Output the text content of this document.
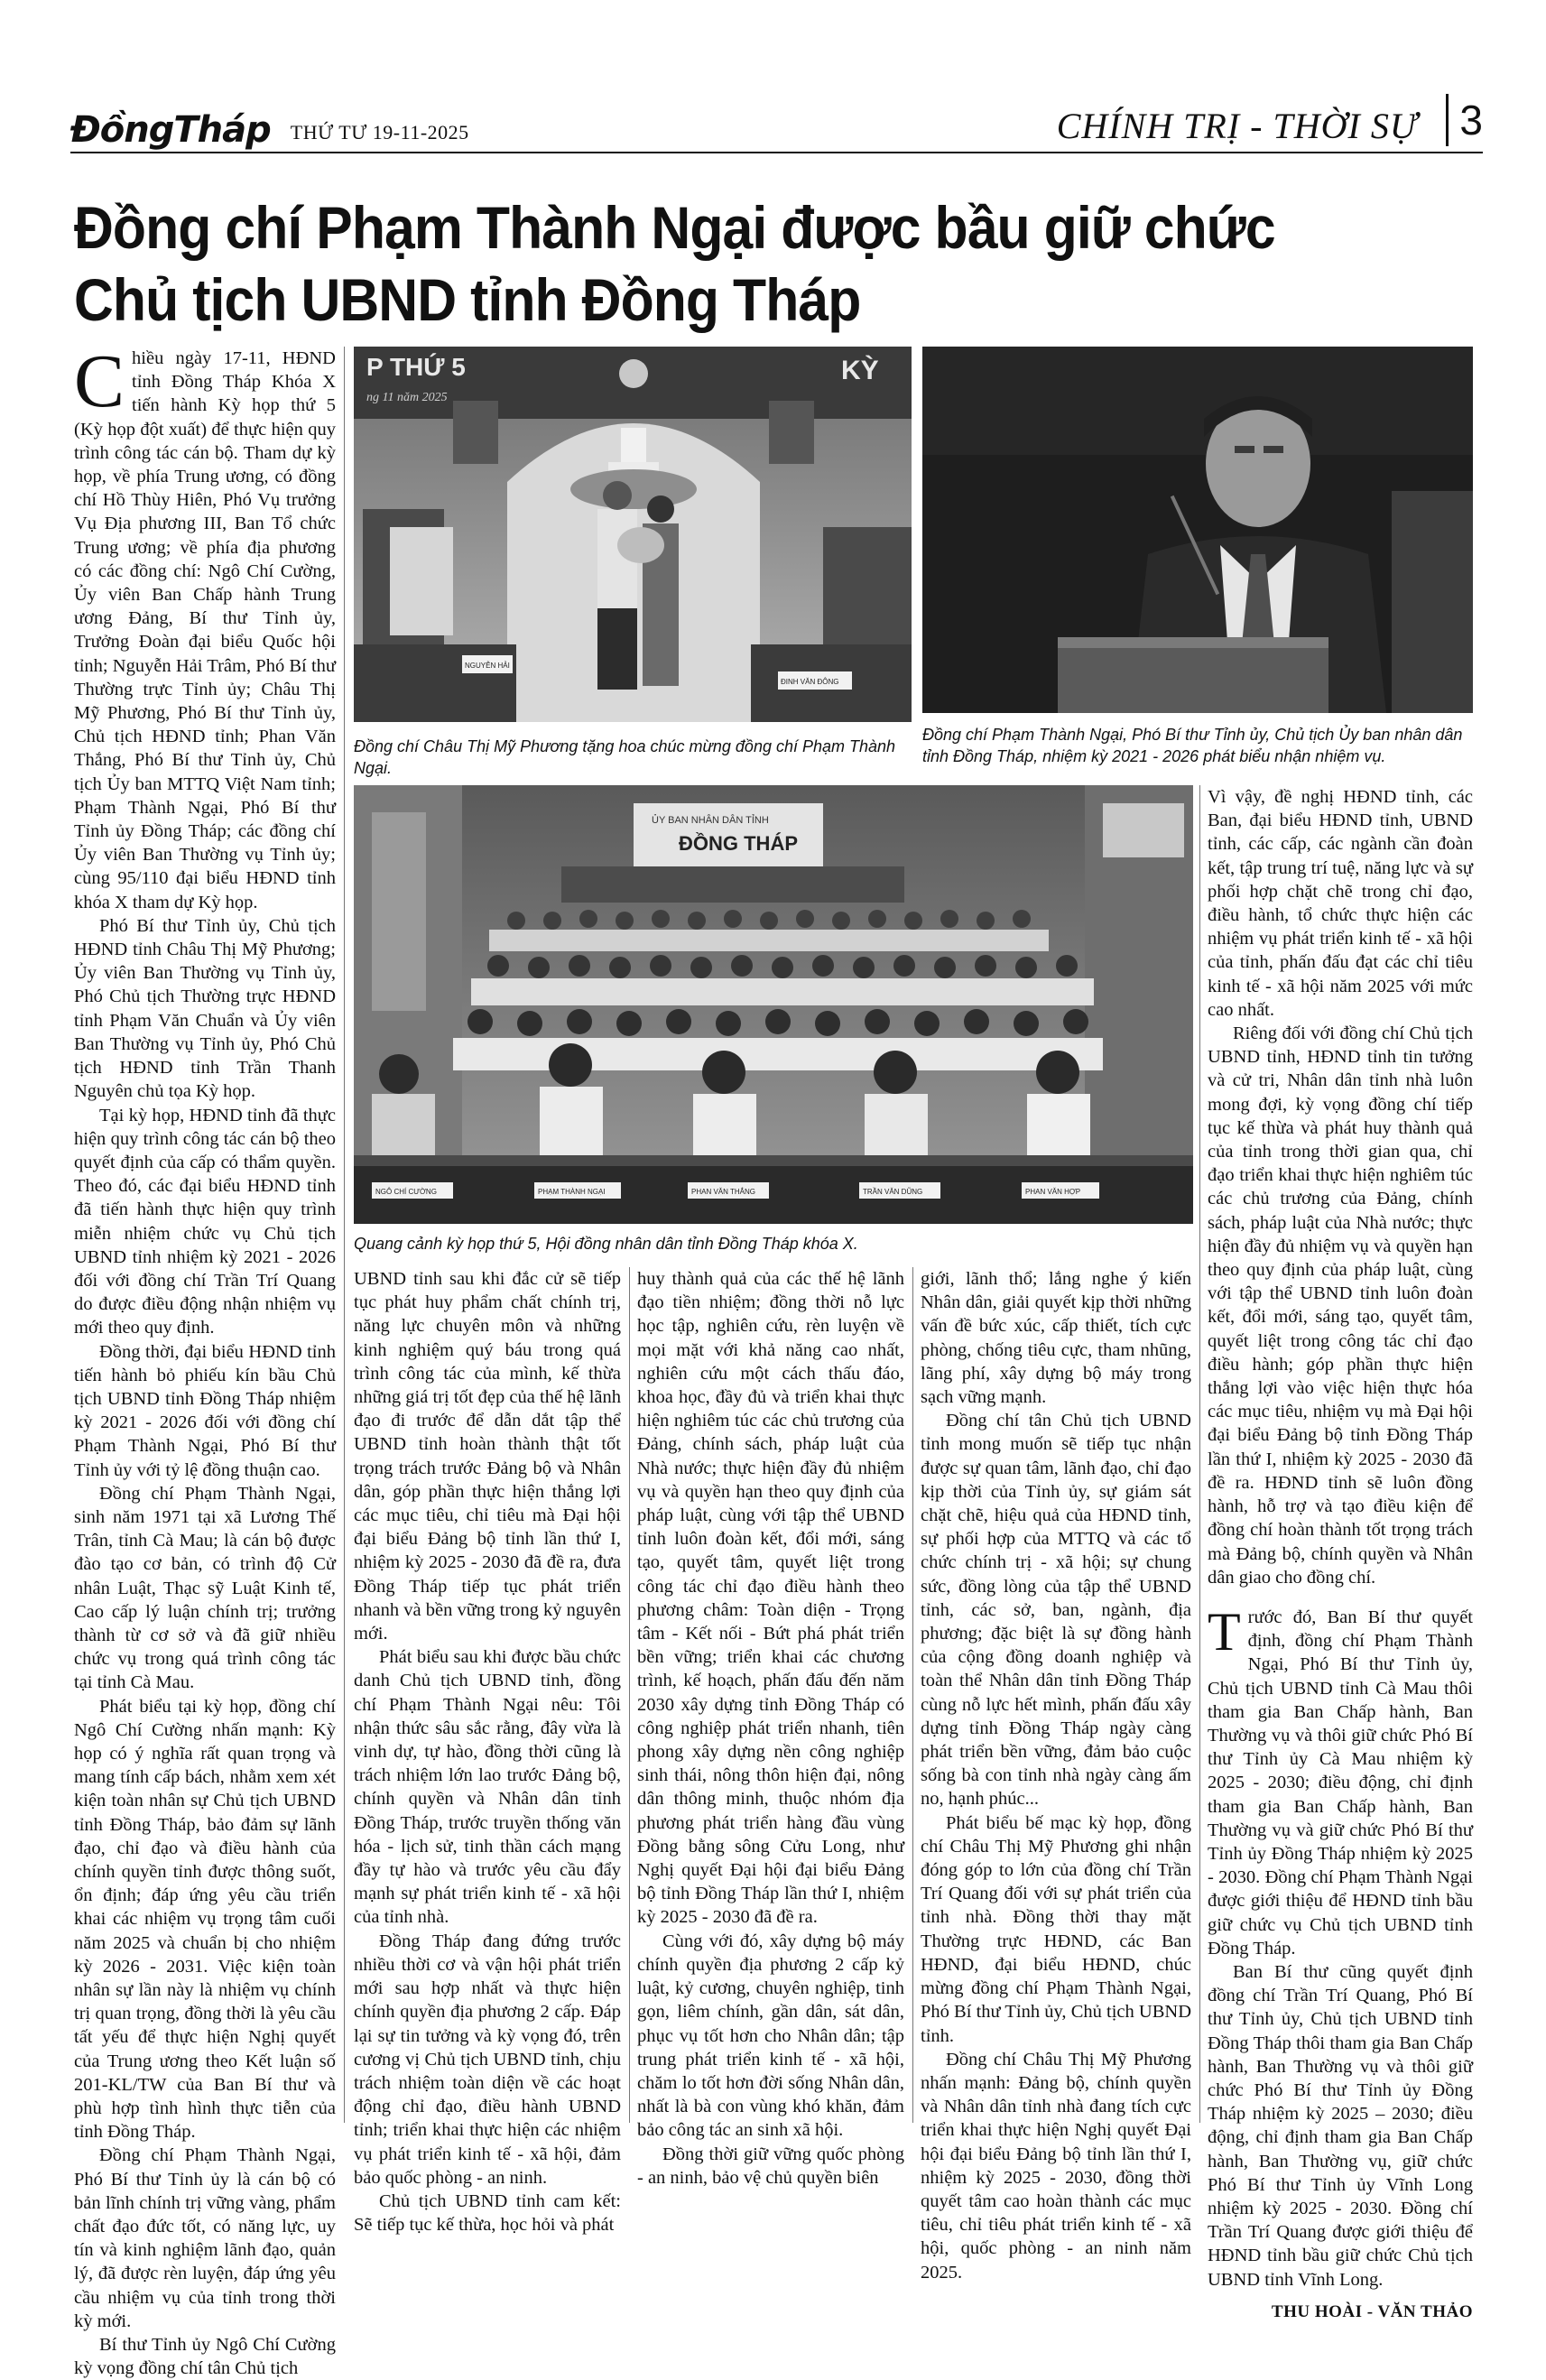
ĐồngTháp THỨ TƯ 19-11-2025	CHÍNH TRỊ - THỜI SỰ	3
Đồng chí Phạm Thành Ngại được bầu giữ chức
Chủ tịch UBND tỉnh Đồng Tháp
P THỨ 5
ng 11 năm 2025
KỲ
NGUYỄN HẢI
ĐINH VĂN ĐÔNG
Đồng chí Châu Thị Mỹ Phương tặng hoa chúc mừng đồng chí Phạm Thành Ngại.
Đồng chí Phạm Thành Ngại, Phó Bí thư Tỉnh ủy, Chủ tịch Ủy ban nhân dân tỉnh Đồng Tháp, nhiệm kỳ 2021 - 2026 phát biểu nhận nhiệm vụ.
ỦY BAN NHÂN DÂN TỈNH
ĐỒNG THÁP
NGÔ CHÍ CƯỜNG	PHẠM THÀNH NGẠI	PHAN VĂN THẮNG	TRẦN VĂN DŨNG	PHAN VĂN HỢP
Quang cảnh kỳ họp thứ 5, Hội đồng nhân dân tỉnh Đồng Tháp khóa X.

Chiều ngày 17-11, HĐND tỉnh Đồng Tháp Khóa X tiến hành Kỳ họp thứ 5 (Kỳ họp đột xuất) để thực hiện quy trình công tác cán bộ. Tham dự kỳ họp, về phía Trung ương, có đồng chí Hồ Thùy Hiên, Phó Vụ trưởng Vụ Địa phương III, Ban Tổ chức Trung ương; về phía địa phương có các đồng chí: Ngô Chí Cường, Ủy viên Ban Chấp hành Trung ương Đảng, Bí thư Tỉnh ủy, Trưởng Đoàn đại biểu Quốc hội tỉnh; Nguyễn Hải Trâm, Phó Bí thư Thường trực Tỉnh ủy; Châu Thị Mỹ Phương, Phó Bí thư Tỉnh ủy, Chủ tịch HĐND tỉnh; Phan Văn Thắng, Phó Bí thư Tỉnh ủy, Chủ tịch Ủy ban MTTQ Việt Nam tỉnh; Phạm Thành Ngại, Phó Bí thư Tỉnh ủy Đồng Tháp; các đồng chí Ủy viên Ban Thường vụ Tỉnh ủy; cùng 95/110 đại biểu HĐND tỉnh khóa X tham dự Kỳ họp.

Phó Bí thư Tỉnh ủy, Chủ tịch HĐND tỉnh Châu Thị Mỹ Phương; Ủy viên Ban Thường vụ Tỉnh ủy, Phó Chủ tịch Thường trực HĐND tỉnh Phạm Văn Chuẩn và Ủy viên Ban Thường vụ Tỉnh ủy, Phó Chủ tịch HĐND tỉnh Trần Thanh Nguyên chủ tọa Kỳ họp.

Tại kỳ họp, HĐND tỉnh đã thực hiện quy trình công tác cán bộ theo quyết định của cấp có thẩm quyền. Theo đó, các đại biểu HĐND tỉnh đã tiến hành thực hiện quy trình miễn nhiệm chức vụ Chủ tịch UBND tỉnh nhiệm kỳ 2021 - 2026 đối với đồng chí Trần Trí Quang do được điều động nhận nhiệm vụ mới theo quy định.

Đồng thời, đại biểu HĐND tỉnh tiến hành bỏ phiếu kín bầu Chủ tịch UBND tỉnh Đồng Tháp nhiệm kỳ 2021 - 2026 đối với đồng chí Phạm Thành Ngại, Phó Bí thư Tỉnh ủy với tỷ lệ đồng thuận cao.

Đồng chí Phạm Thành Ngại, sinh năm 1971 tại xã Lương Thế Trân, tỉnh Cà Mau; là cán bộ được đào tạo cơ bản, có trình độ Cử nhân Luật, Thạc sỹ Luật Kinh tế, Cao cấp lý luận chính trị; trưởng thành từ cơ sở và đã giữ nhiều chức vụ trong quá trình công tác tại tỉnh Cà Mau.

Phát biểu tại kỳ họp, đồng chí Ngô Chí Cường nhấn mạnh: Kỳ họp có ý nghĩa rất quan trọng và mang tính cấp bách, nhằm xem xét kiện toàn nhân sự Chủ tịch UBND tỉnh Đồng Tháp, bảo đảm sự lãnh đạo, chỉ đạo và điều hành của chính quyền tỉnh được thông suốt, ổn định; đáp ứng yêu cầu triển khai các nhiệm vụ trọng tâm cuối năm 2025 và chuẩn bị cho nhiệm kỳ 2026 - 2031. Việc kiện toàn nhân sự lần này là nhiệm vụ chính trị quan trọng, đồng thời là yêu cầu tất yếu để thực hiện Nghị quyết của Trung ương theo Kết luận số 201-KL/TW của Ban Bí thư và phù hợp tình hình thực tiễn của tỉnh Đồng Tháp.

Đồng chí Phạm Thành Ngại, Phó Bí thư Tỉnh ủy là cán bộ có bản lĩnh chính trị vững vàng, phẩm chất đạo đức tốt, có năng lực, uy tín và kinh nghiệm lãnh đạo, quản lý, đã được rèn luyện, đáp ứng yêu cầu nhiệm vụ của tỉnh trong thời kỳ mới.

Bí thư Tỉnh ủy Ngô Chí Cường kỳ vọng đồng chí tân Chủ tịch

UBND tỉnh sau khi đắc cử sẽ tiếp tục phát huy phẩm chất chính trị, năng lực chuyên môn và những kinh nghiệm quý báu trong quá trình công tác của mình, kế thừa những giá trị tốt đẹp của thế hệ lãnh đạo đi trước để dẫn dắt tập thể UBND tỉnh hoàn thành thật tốt trọng trách trước Đảng bộ và Nhân dân, góp phần thực hiện thắng lợi các mục tiêu, chỉ tiêu mà Đại hội đại biểu Đảng bộ tỉnh lần thứ I, nhiệm kỳ 2025 - 2030 đã đề ra, đưa Đồng Tháp tiếp tục phát triển nhanh và bền vững trong kỷ nguyên mới.

Phát biểu sau khi được bầu chức danh Chủ tịch UBND tỉnh, đồng chí Phạm Thành Ngại nêu: Tôi nhận thức sâu sắc rằng, đây vừa là vinh dự, tự hào, đồng thời cũng là trách nhiệm lớn lao trước Đảng bộ, chính quyền và Nhân dân tỉnh Đồng Tháp, trước truyền thống văn hóa - lịch sử, tinh thần cách mạng đầy tự hào và trước yêu cầu đẩy mạnh sự phát triển kinh tế - xã hội của tỉnh nhà.

Đồng Tháp đang đứng trước nhiều thời cơ và vận hội phát triển mới sau hợp nhất và thực hiện chính quyền địa phương 2 cấp. Đáp lại sự tin tưởng và kỳ vọng đó, trên cương vị Chủ tịch UBND tỉnh, chịu trách nhiệm toàn diện về các hoạt động chỉ đạo, điều hành UBND tỉnh; triển khai thực hiện các nhiệm vụ phát triển kinh tế - xã hội, đảm bảo quốc phòng - an ninh.

Chủ tịch UBND tỉnh cam kết: Sẽ tiếp tục kế thừa, học hỏi và phát

huy thành quả của các thế hệ lãnh đạo tiền nhiệm; đồng thời nỗ lực học tập, nghiên cứu, rèn luyện về mọi mặt với khả năng cao nhất, nghiên cứu một cách thấu đáo, khoa học, đầy đủ và triển khai thực hiện nghiêm túc các chủ trương của Đảng, chính sách, pháp luật của Nhà nước; thực hiện đầy đủ nhiệm vụ và quyền hạn theo quy định của pháp luật, cùng với tập thể UBND tỉnh luôn đoàn kết, đổi mới, sáng tạo, quyết tâm, quyết liệt trong công tác chỉ đạo điều hành theo phương châm: Toàn diện - Trọng tâm - Kết nối - Bứt phá phát triển bền vững; triển khai các chương trình, kế hoạch, phấn đấu đến năm 2030 xây dựng tỉnh Đồng Tháp có công nghiệp phát triển nhanh, tiên phong xây dựng nền công nghiệp sinh thái, nông thôn hiện đại, nông dân thông minh, thuộc nhóm địa phương phát triển hàng đầu vùng Đồng bằng sông Cửu Long, như Nghị quyết Đại hội đại biểu Đảng bộ tỉnh Đồng Tháp lần thứ I, nhiệm kỳ 2025 - 2030 đã đề ra.

Cùng với đó, xây dựng bộ máy chính quyền địa phương 2 cấp kỷ luật, kỷ cương, chuyên nghiệp, tinh gọn, liêm chính, gần dân, sát dân, phục vụ tốt hơn cho Nhân dân; tập trung phát triển kinh tế - xã hội, chăm lo tốt hơn đời sống Nhân dân, nhất là bà con vùng khó khăn, đảm bảo công tác an sinh xã hội.

Đồng thời giữ vững quốc phòng - an ninh, bảo vệ chủ quyền biên

giới, lãnh thổ; lắng nghe ý kiến Nhân dân, giải quyết kịp thời những vấn đề bức xúc, cấp thiết, tích cực phòng, chống tiêu cực, tham nhũng, lãng phí, xây dựng bộ máy trong sạch vững mạnh.

Đồng chí tân Chủ tịch UBND tỉnh mong muốn sẽ tiếp tục nhận được sự quan tâm, lãnh đạo, chỉ đạo kịp thời của Tỉnh ủy, sự giám sát chặt chẽ, hiệu quả của HĐND tỉnh, sự phối hợp của MTTQ và các tổ chức chính trị - xã hội; sự chung sức, đồng lòng của tập thể UBND tỉnh, các sở, ban, ngành, địa phương; đặc biệt là sự đồng hành của cộng đồng doanh nghiệp và toàn thể Nhân dân tỉnh Đồng Tháp cùng nỗ lực hết mình, phấn đấu xây dựng tỉnh Đồng Tháp ngày càng phát triển bền vững, đảm bảo cuộc sống bà con tỉnh nhà ngày càng ấm no, hạnh phúc...

Phát biểu bế mạc kỳ họp, đồng chí Châu Thị Mỹ Phương ghi nhận đóng góp to lớn của đồng chí Trần Trí Quang đối với sự phát triển của tỉnh nhà. Đồng thời thay mặt Thường trực HĐND, các Ban HĐND, đại biểu HĐND, chúc mừng đồng chí Phạm Thành Ngại, Phó Bí thư Tỉnh ủy, Chủ tịch UBND tỉnh.

Đồng chí Châu Thị Mỹ Phương nhấn mạnh: Đảng bộ, chính quyền và Nhân dân tỉnh nhà đang tích cực triển khai thực hiện Nghị quyết Đại hội đại biểu Đảng bộ tỉnh lần thứ I, nhiệm kỳ 2025 - 2030, đồng thời quyết tâm cao hoàn thành các mục tiêu, chỉ tiêu phát triển kinh tế - xã hội, quốc phòng - an ninh năm 2025.

Vì vậy, đề nghị HĐND tỉnh, các Ban, đại biểu HĐND tỉnh, UBND tỉnh, các cấp, các ngành cần đoàn kết, tập trung trí tuệ, năng lực và sự phối hợp chặt chẽ trong chỉ đạo, điều hành, tổ chức thực hiện các nhiệm vụ phát triển kinh tế - xã hội của tỉnh, phấn đấu đạt các chỉ tiêu kinh tế - xã hội năm 2025 với mức cao nhất.

Riêng đối với đồng chí Chủ tịch UBND tỉnh, HĐND tỉnh tin tưởng và cử tri, Nhân dân tỉnh nhà luôn mong đợi, kỳ vọng đồng chí tiếp tục kế thừa và phát huy thành quả của tỉnh trong thời gian qua, chỉ đạo triển khai thực hiện nghiêm túc các chủ trương của Đảng, chính sách, pháp luật của Nhà nước; thực hiện đầy đủ nhiệm vụ và quyền hạn theo quy định của pháp luật, cùng với tập thể UBND tỉnh luôn đoàn kết, đổi mới, sáng tạo, quyết tâm, quyết liệt trong công tác chỉ đạo điều hành; góp phần thực hiện thắng lợi vào việc hiện thực hóa các mục tiêu, nhiệm vụ mà Đại hội đại biểu Đảng bộ tỉnh Đồng Tháp lần thứ I, nhiệm kỳ 2025 - 2030 đã đề ra. HĐND tỉnh sẽ luôn đồng hành, hỗ trợ và tạo điều kiện để đồng chí hoàn thành tốt trọng trách mà Đảng bộ, chính quyền và Nhân dân giao cho đồng chí.

Trước đó, Ban Bí thư quyết định, đồng chí Phạm Thành Ngại, Phó Bí thư Tỉnh ủy, Chủ tịch UBND tỉnh Cà Mau thôi tham gia Ban Chấp hành, Ban Thường vụ và thôi giữ chức Phó Bí thư Tỉnh ủy Cà Mau nhiệm kỳ 2025 - 2030; điều động, chỉ định tham gia Ban Chấp hành, Ban Thường vụ và giữ chức Phó Bí thư Tỉnh ủy Đồng Tháp nhiệm kỳ 2025 - 2030. Đồng chí Phạm Thành Ngại được giới thiệu để HĐND tỉnh bầu giữ chức vụ Chủ tịch UBND tỉnh Đồng Tháp.

Ban Bí thư cũng quyết định đồng chí Trần Trí Quang, Phó Bí thư Tỉnh ủy, Chủ tịch UBND tỉnh Đồng Tháp thôi tham gia Ban Chấp hành, Ban Thường vụ và thôi giữ chức Phó Bí thư Tỉnh ủy Đồng Tháp nhiệm kỳ 2025 – 2030; điều động, chỉ định tham gia Ban Chấp hành, Ban Thường vụ, giữ chức Phó Bí thư Tỉnh ủy Vĩnh Long nhiệm kỳ 2025 - 2030. Đồng chí Trần Trí Quang được giới thiệu để HĐND tỉnh bầu giữ chức Chủ tịch UBND tỉnh Vĩnh Long.

THU HOÀI - VĂN THẢO
